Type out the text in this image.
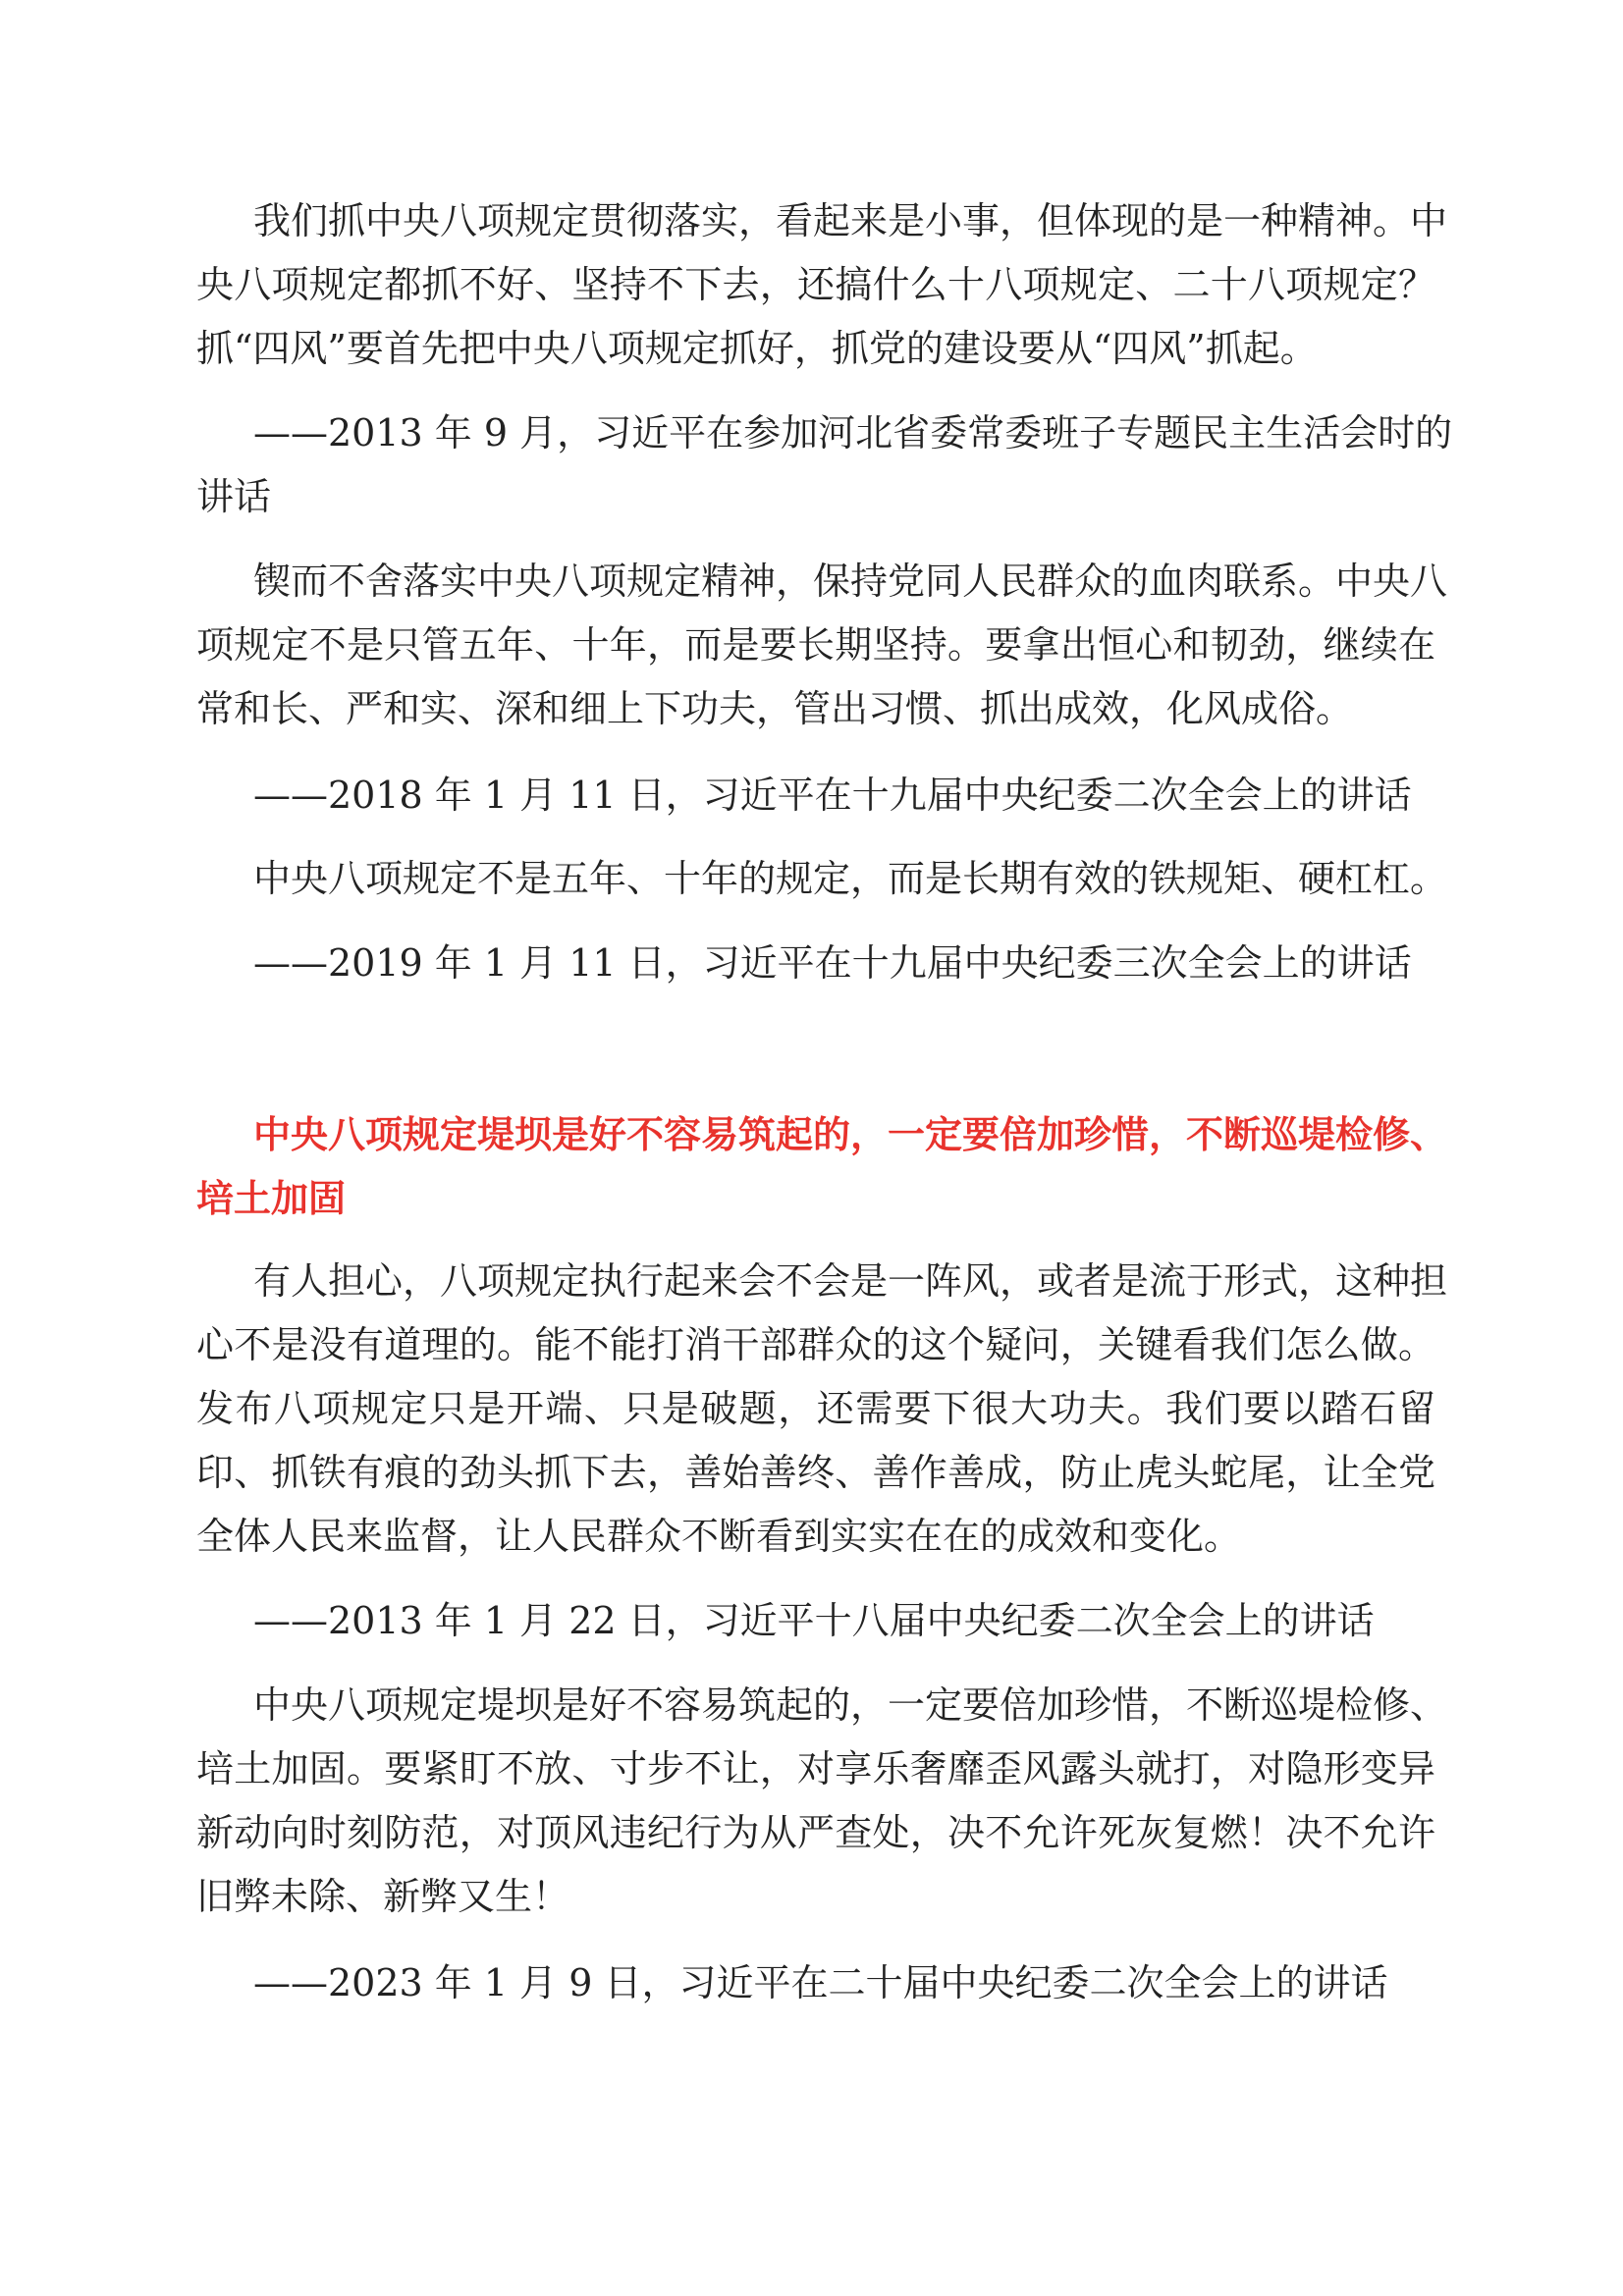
我们抓中央八项规定贯彻落实，看起来是小事，但体现的是一种精神。中
央八项规定都抓不好、坚持不下去，还搞什么十八项规定、二十八项规定？
抓“四风”要首先把中央八项规定抓好，抓党的建设要从“四风”抓起。
——2013 年 9 月，习近平在参加河北省委常委班子专题民主生活会时的
讲话
锲而不舍落实中央八项规定精神，保持党同人民群众的血肉联系。中央八
项规定不是只管五年、十年，而是要长期坚持。要拿出恒心和韧劲，继续在
常和长、严和实、深和细上下功夫，管出习惯、抓出成效，化风成俗。
——2018 年 1 月 11 日，习近平在十九届中央纪委二次全会上的讲话
中央八项规定不是五年、十年的规定，而是长期有效的铁规矩、硬杠杠。
——2019 年 1 月 11 日，习近平在十九届中央纪委三次全会上的讲话
中央八项规定堤坝是好不容易筑起的，一定要倍加珍惜，不断巡堤检修、
培土加固
有人担心，八项规定执行起来会不会是一阵风，或者是流于形式，这种担
心不是没有道理的。能不能打消干部群众的这个疑问，关键看我们怎么做。
发布八项规定只是开端、只是破题，还需要下很大功夫。我们要以踏石留
印、抓铁有痕的劲头抓下去，善始善终、善作善成，防止虎头蛇尾，让全党
全体人民来监督，让人民群众不断看到实实在在的成效和变化。
——2013 年 1 月 22 日，习近平十八届中央纪委二次全会上的讲话
中央八项规定堤坝是好不容易筑起的，一定要倍加珍惜，不断巡堤检修、
培土加固。要紧盯不放、寸步不让，对享乐奢靡歪风露头就打，对隐形变异
新动向时刻防范，对顶风违纪行为从严查处，决不允许死灰复燃！决不允许
旧弊未除、新弊又生！
——2023 年 1 月 9 日，习近平在二十届中央纪委二次全会上的讲话
